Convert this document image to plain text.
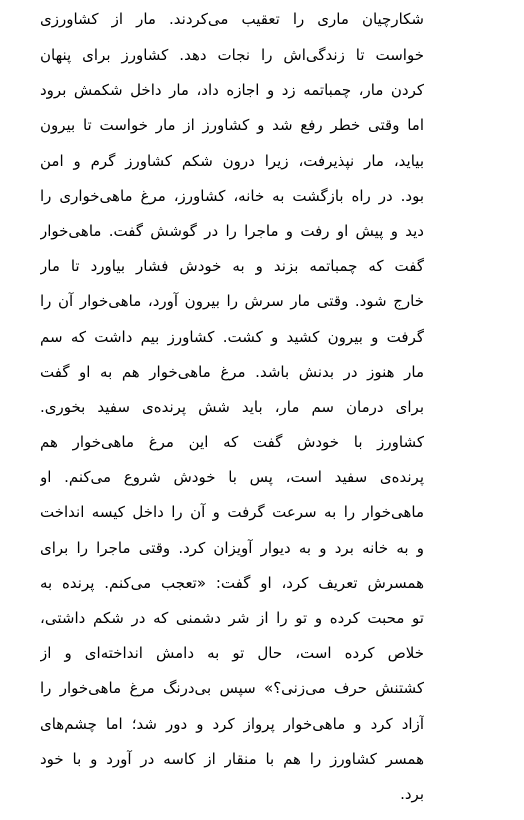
شکارچیان ماری را تعقیب می‌کردند. مار از کشاورزی
خواست تا زندگی‌اش را نجات دهد. کشاورز برای پنهان
کردن مار، چمباتمه زد و اجازه داد، مار داخل شکمش برود
اما وقتی خطر رفع شد و کشاورز از مار خواست تا بیرون
بیاید، مار نپذیرفت، زیرا درون شکم کشاورز گرم و امن
بود. در راه بازگشت به خانه، کشاورز، مرغ ماهی‌خواری را
دید و پیش او رفت و ماجرا را در گوشش گفت. ماهی‌خوار
گفت که چمباتمه بزند و به خودش فشار بیاورد تا مار
خارج شود. وقتی مار سرش را بیرون آورد، ماهی‌خوار آن را
گرفت و بیرون کشید و کشت. کشاورز بیم داشت که سم
مار هنوز در بدنش باشد. مرغ ماهی‌خوار هم به او گفت
برای درمان سم مار، باید شش پرنده‌ی سفید بخوری.
کشاورز با خودش گفت که این مرغ ماهی‌خوار هم
پرنده‌ی سفید است، پس با خودش شروع می‌کنم. او
ماهی‌خوار را به سرعت گرفت و آن را داخل کیسه انداخت
و به خانه برد و به دیوار آویزان کرد. وقتی ماجرا را برای
همسرش تعریف کرد، او گفت: «تعجب می‌کنم. پرنده به
تو محبت کرده و تو را از شر دشمنی که در شکم داشتی،
خلاص کرده است، حال تو به دامش انداخته‌ای و از
کشتنش حرف می‌زنی؟» سپس بی‌درنگ مرغ ماهی‌خوار را
آزاد کرد و ماهی‌خوار پرواز کرد و دور شد؛ اما چشم‌های
همسر کشاورز را هم با منقار از کاسه در آورد و با خود
برد.
